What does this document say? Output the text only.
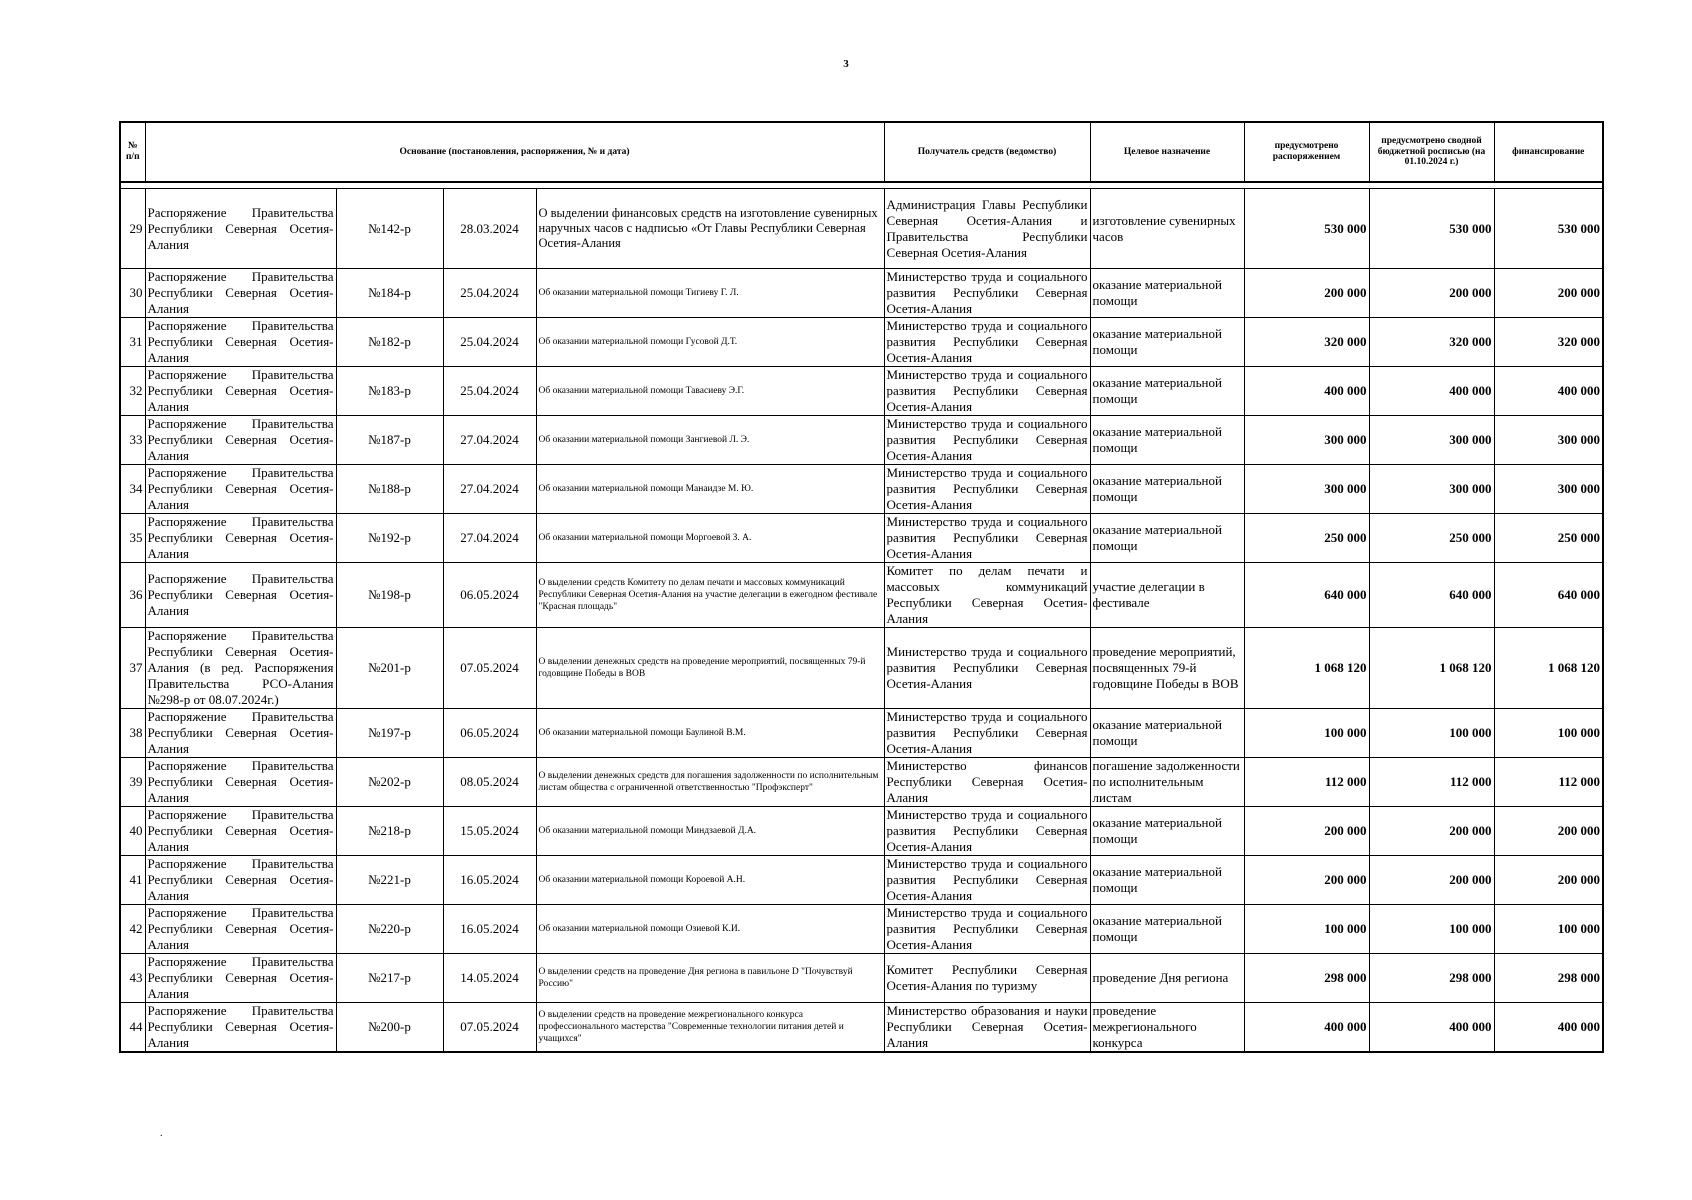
3
№ п/п	Основание (постановления, распоряжения, № и дата)				Получатель средств (ведомство)	Целевое назначение	предусмотрено распоряжением	предусмотрено сводной бюджетной росписью (на 01.10.2024 г.)	финансирование

29	Распоряжение Правительства Республики Северная Осетия-Алания	№142-р	28.03.2024	О выделении финансовых средств на изготовление сувенирных наручных часов с надписью «От Главы Республики Северная Осетия-Алания	Администрация Главы Республики Северная Осетия-Алания и Правительства Республики Северная Осетия-Алания	изготовление сувенирных часов	530 000	530 000	530 000
30	Распоряжение Правительства Республики Северная Осетия-Алания	№184-р	25.04.2024	Об оказании материальной помощи Тигиеву Г. Л.	Министерство труда и социального развития Республики Северная Осетия-Алания	оказание материальной помощи	200 000	200 000	200 000
31	Распоряжение Правительства Республики Северная Осетия-Алания	№182-р	25.04.2024	Об оказании материальной помощи Гусовой Д.Т.	Министерство труда и социального развития Республики Северная Осетия-Алания	оказание материальной помощи	320 000	320 000	320 000
32	Распоряжение Правительства Республики Северная Осетия-Алания	№183-р	25.04.2024	Об оказании материальной помощи Тавасиеву Э.Г.	Министерство труда и социального развития Республики Северная Осетия-Алания	оказание материальной помощи	400 000	400 000	400 000
33	Распоряжение Правительства Республики Северная Осетия-Алания	№187-р	27.04.2024	Об оказании материальной помощи Зангиевой Л. Э.	Министерство труда и социального развития Республики Северная Осетия-Алания	оказание материальной помощи	300 000	300 000	300 000
34	Распоряжение Правительства Республики Северная Осетия-Алания	№188-р	27.04.2024	Об оказании материальной помощи Манаидзе М. Ю.	Министерство труда и социального развития Республики Северная Осетия-Алания	оказание материальной помощи	300 000	300 000	300 000
35	Распоряжение Правительства Республики Северная Осетия-Алания	№192-р	27.04.2024	Об оказании материальной помощи Моргоевой З. А.	Министерство труда и социального развития Республики Северная Осетия-Алания	оказание материальной помощи	250 000	250 000	250 000
36	Распоряжение Правительства Республики Северная Осетия-Алания	№198-р	06.05.2024	О выделении средств Комитету по делам печати и массовых коммуникаций Республики Северная Осетия-Алания на участие делегации в ежегодном фестивале "Красная площадь"	Комитет по делам печати и массовых коммуникаций Республики Северная Осетия-Алания	участие делегации в фестивале	640 000	640 000	640 000
37	Распоряжение Правительства Республики Северная Осетия-Алания (в ред. Распоряжения Правительства РСО-Алания №298-р от 08.07.2024г.)	№201-р	07.05.2024	О выделении денежных средств на проведение мероприятий, посвященных 79-й годовщине Победы в ВОВ	Министерство труда и социального развития Республики Северная Осетия-Алания	проведение мероприятий, посвященных 79-й годовщине Победы в ВОВ	1 068 120	1 068 120	1 068 120
38	Распоряжение Правительства Республики Северная Осетия-Алания	№197-р	06.05.2024	Об оказании материальной помощи Баулиной В.М.	Министерство труда и социального развития Республики Северная Осетия-Алания	оказание материальной помощи	100 000	100 000	100 000
39	Распоряжение Правительства Республики Северная Осетия-Алания	№202-р	08.05.2024	О выделении денежных средств для погашения задолженности по исполнительным листам общества с ограниченной ответственностью "Профэксперт"	Министерство финансов Республики Северная Осетия-Алания	погашение задолженности по исполнительным листам	112 000	112 000	112 000
40	Распоряжение Правительства Республики Северная Осетия-Алания	№218-р	15.05.2024	Об оказании материальной помощи Миндзаевой Д.А.	Министерство труда и социального развития Республики Северная Осетия-Алания	оказание материальной помощи	200 000	200 000	200 000
41	Распоряжение Правительства Республики Северная Осетия-Алания	№221-р	16.05.2024	Об оказании материальной помощи Короевой А.Н.	Министерство труда и социального развития Республики Северная Осетия-Алания	оказание материальной помощи	200 000	200 000	200 000
42	Распоряжение Правительства Республики Северная Осетия-Алания	№220-р	16.05.2024	Об оказании материальной помощи Озиевой К.И.	Министерство труда и социального развития Республики Северная Осетия-Алания	оказание материальной помощи	100 000	100 000	100 000
43	Распоряжение Правительства Республики Северная Осетия-Алания	№217-р	14.05.2024	О выделении средств на проведение Дня региона в павильоне D "Почувствуй Россию"	Комитет Республики Северная Осетия-Алания по туризму	проведение Дня региона	298 000	298 000	298 000
44	Распоряжение Правительства Республики Северная Осетия-Алания	№200-р	07.05.2024	О выделении средств на проведение межрегионального конкурса профессионального мастерства "Современные технологии питания детей и учащихся"	Министерство образования и науки Республики Северная Осетия-Алания	проведение межрегионального конкурса	400 000	400 000	400 000
.
